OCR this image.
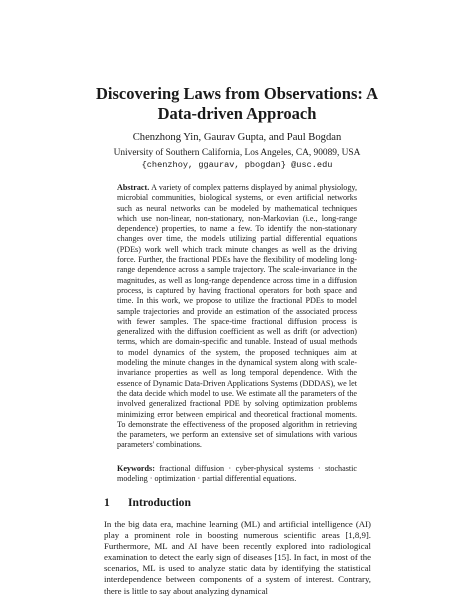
Discovering Laws from Observations: A
Data-driven Approach
Chenzhong Yin, Gaurav Gupta, and Paul Bogdan
University of Southern California, Los Angeles, CA, 90089, USA
{chenzhoy, ggaurav, pbogdan} @usc.edu
Abstract. A variety of complex patterns displayed by animal physiology, microbial communities, biological systems, or even artificial networks such as neural networks can be modeled by mathematical techniques which use non-linear, non-stationary, non-Markovian (i.e., long-range dependence) properties, to name a few. To identify the non-stationary changes over time, the models utilizing partial differential equations (PDEs) work well which track minute changes as well as the driving force. Further, the fractional PDEs have the flexibility of modeling long-range dependence across a sample trajectory. The scale-invariance in the magnitudes, as well as long-range dependence across time in a diffusion process, is captured by having fractional operators for both space and time. In this work, we propose to utilize the fractional PDEs to model sample trajectories and provide an estimation of the associated process with fewer samples. The space-time fractional diffusion process is generalized with the diffusion coefficient as well as drift (or advection) terms, which are domain-specific and tunable. Instead of usual methods to model dynamics of the system, the proposed techniques aim at modeling the minute changes in the dynamical system along with scale-invariance properties as well as long temporal dependence. With the essence of Dynamic Data-Driven Applications Systems (DDDAS), we let the data decide which model to use. We estimate all the parameters of the involved generalized fractional PDE by solving optimization problems minimizing error between empirical and theoretical fractional moments. To demonstrate the effectiveness of the proposed algorithm in retrieving the parameters, we perform an extensive set of simulations with various parameters' combinations.
Keywords: fractional diffusion · cyber-physical systems · stochastic modeling · optimization · partial differential equations.
1 Introduction
In the big data era, machine learning (ML) and artificial intelligence (AI) play a prominent role in boosting numerous scientific areas [1,8,9]. Furthermore, ML and AI have been recently explored into radiological examination to detect the early sign of diseases [15]. In fact, in most of the scenarios, ML is used to analyze static data by identifying the statistical interdependence between components of a system of interest. Contrary, there is little to say about analyzing dynamical
